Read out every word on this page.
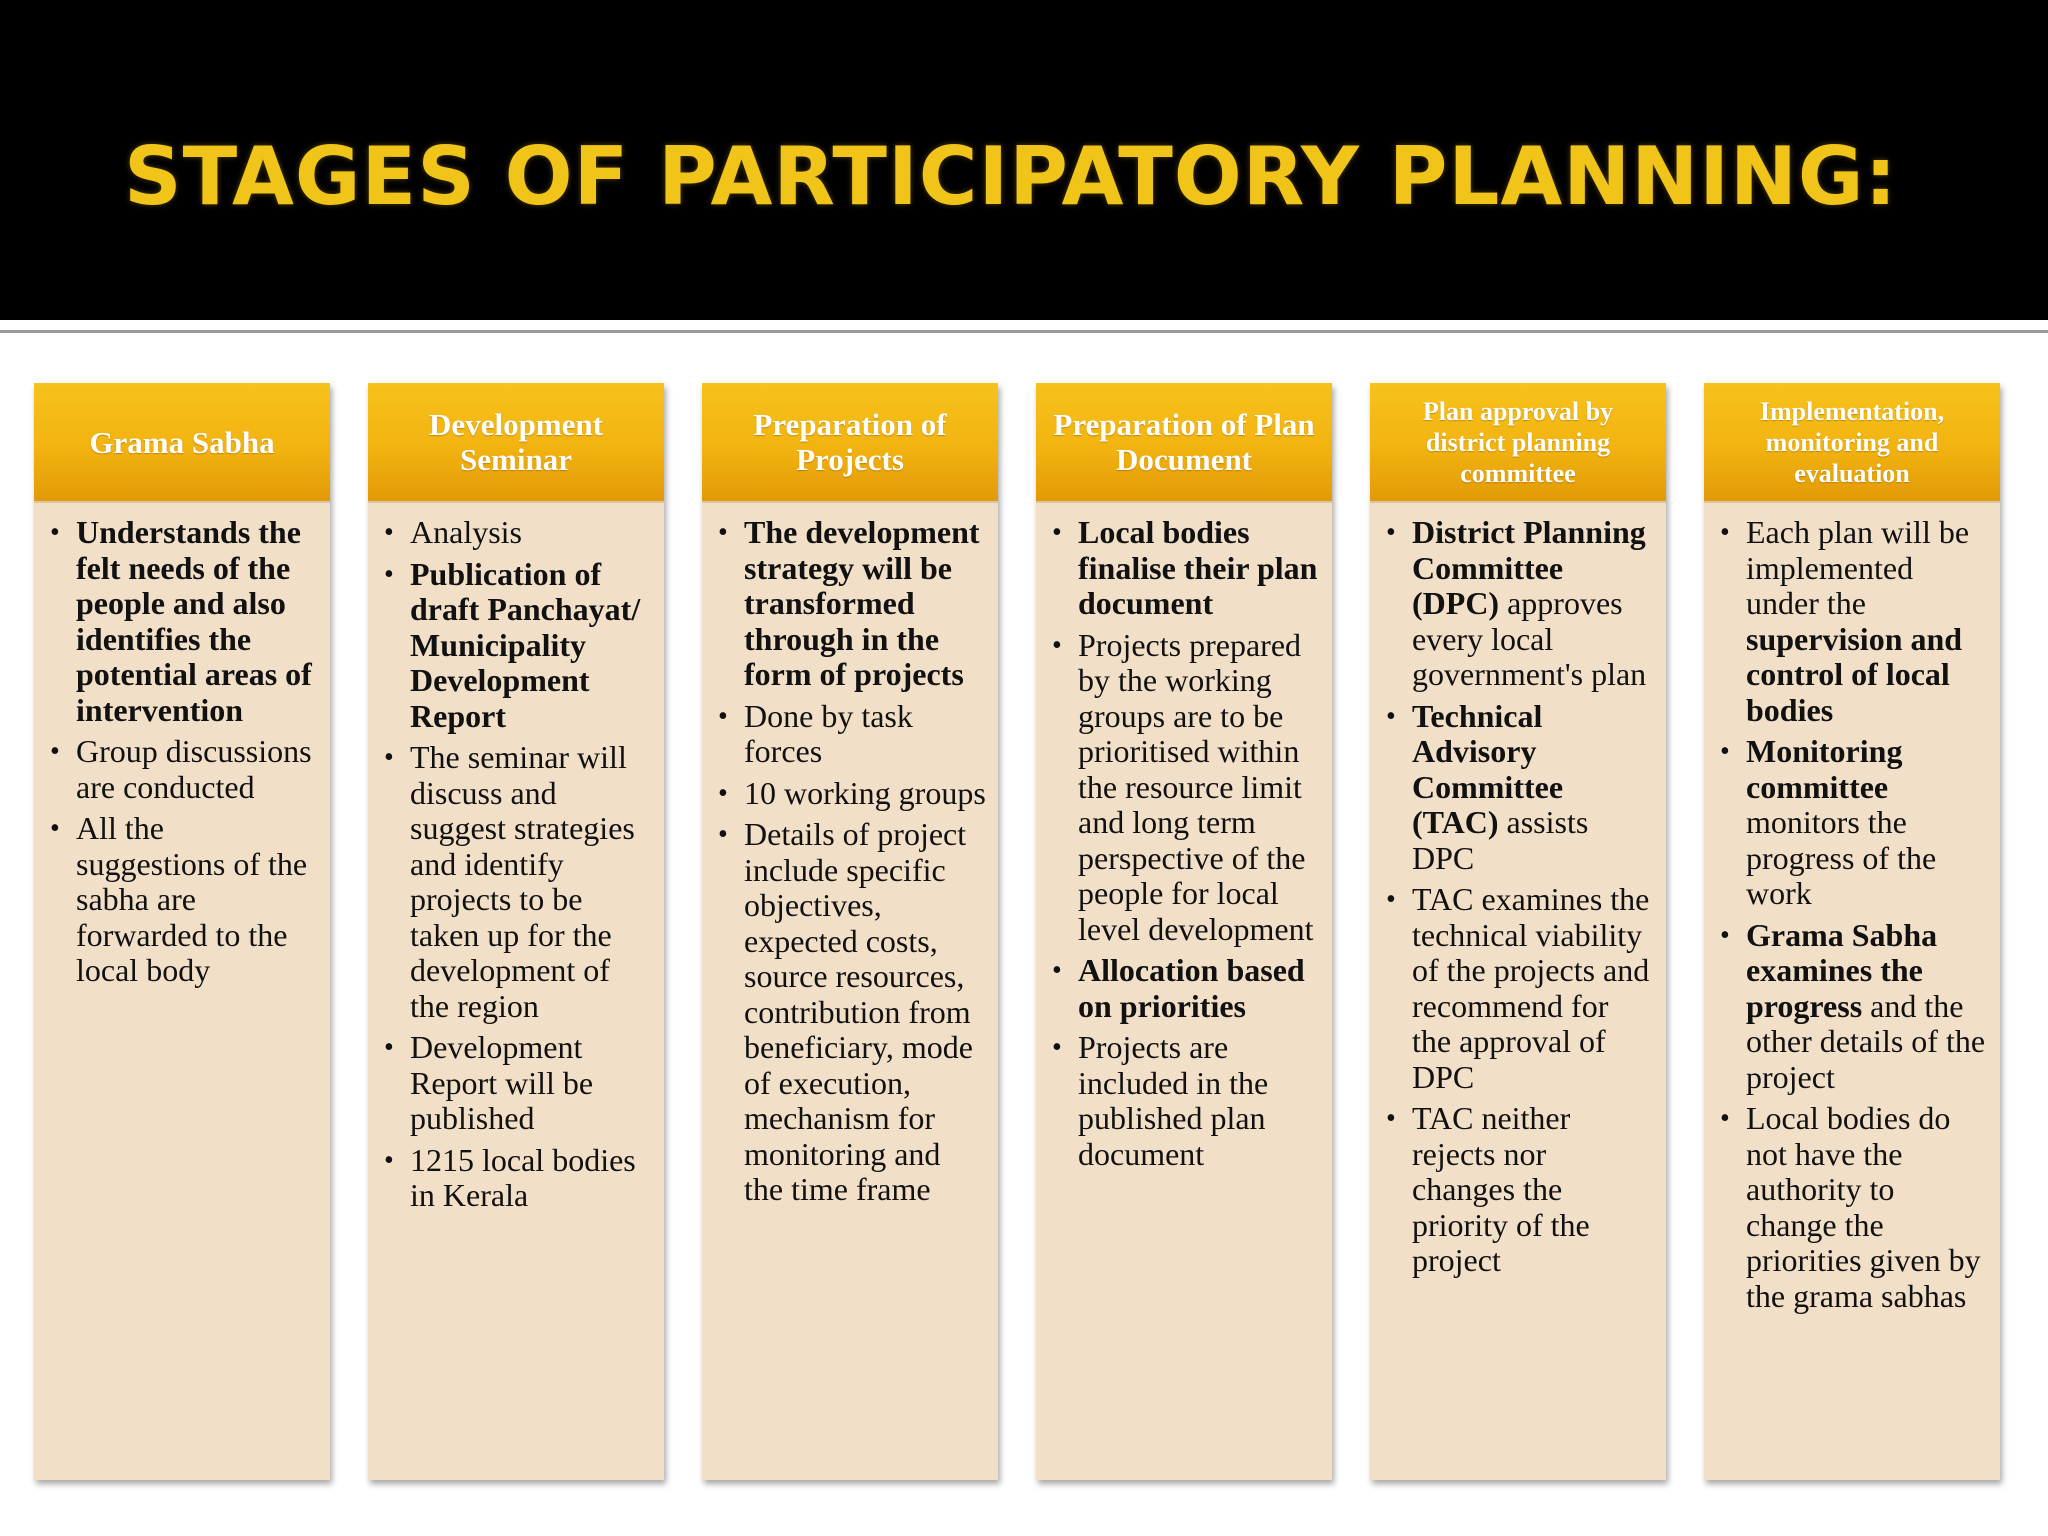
STAGES OF PARTICIPATORY PLANNING:
Grama Sabha
• Understands the felt needs of the people and also identifies the potential areas of intervention
• Group discussions are conducted
• All the suggestions of the sabha are forwarded to the local body
Development Seminar
• Analysis
• Publication of draft Panchayat/ Municipality Development Report
• The seminar will discuss and suggest strategies and identify projects to be taken up for the development of the region
• Development Report will be published
• 1215 local bodies in Kerala
Preparation of Projects
• The development strategy will be transformed through in the form of projects
• Done by task forces
• 10 working groups
• Details of project include specific objectives, expected costs, source resources, contribution from beneficiary, mode of execution, mechanism for monitoring and the time frame
Preparation of Plan Document
• Local bodies finalise their plan document
• Projects prepared by the working groups are to be prioritised within the resource limit and long term perspective of the people for local level development
• Allocation based on priorities
• Projects are included in the published plan document
Plan approval by district planning committee
• District Planning Committee (DPC) approves every local government's plan
• Technical Advisory Committee (TAC) assists DPC
• TAC examines the technical viability of the projects and recommend for the approval of DPC
• TAC neither rejects nor changes the priority of the project
Implementation, monitoring and evaluation
• Each plan will be implemented under the supervision and control of local bodies
• Monitoring committee monitors the progress of the work
• Grama Sabha examines the progress and the other details of the project
• Local bodies do not have the authority to change the priorities given by the grama sabhas
